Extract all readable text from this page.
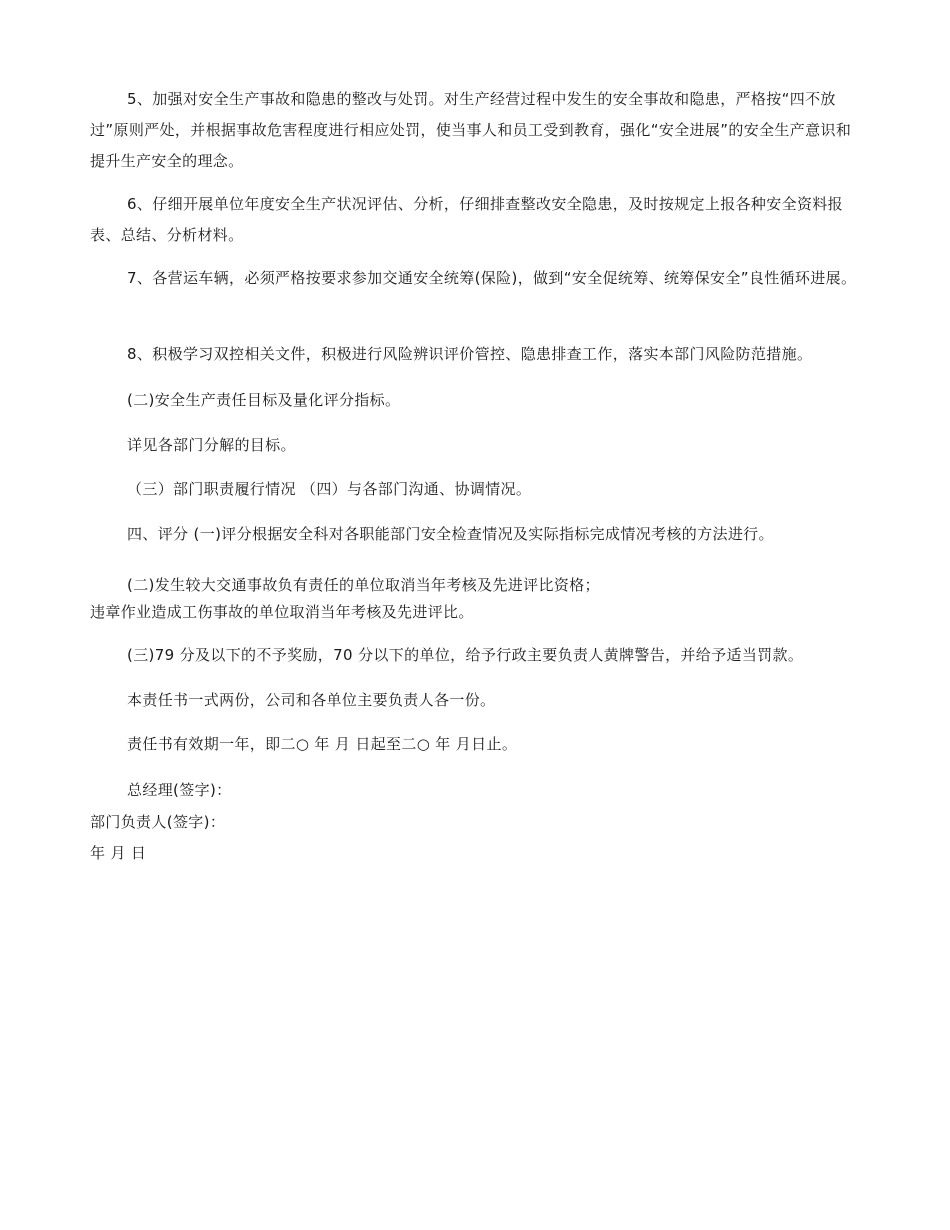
5、加强对安全生产事故和隐患的整改与处罚。对生产经营过程中发生的安全事故和隐患，严格按“四不放过”原则严处，并根据事故危害程度进行相应处罚，使当事人和员工受到教育，强化“安全进展”的安全生产意识和提升生产安全的理念。

6、仔细开展单位年度安全生产状况评估、分析，仔细排查整改安全隐患，及时按规定上报各种安全资料报表、总结、分析材料。

7、各营运车辆，必须严格按要求参加交通安全统筹(保险)，做到“安全促统筹、统筹保安全”良性循环进展。

8、积极学习双控相关文件，积极进行风险辨识评价管控、隐患排查工作，落实本部门风险防范措施。

(二)安全生产责任目标及量化评分指标。

详见各部门分解的目标。

（三）部门职责履行情况 （四）与各部门沟通、协调情况。

四、评分 (一)评分根据安全科对各职能部门安全检查情况及实际指标完成情况考核的方法进行。

(二)发生较大交通事故负有责任的单位取消当年考核及先进评比资格；

违章作业造成工伤事故的单位取消当年考核及先进评比。

(三)79 分及以下的不予奖励，70 分以下的单位，给予行政主要负责人黄牌警告，并给予适当罚款。

本责任书一式两份，公司和各单位主要负责人各一份。

责任书有效期一年，即二○ 年 月 日起至二○ 年 月日止。

总经理(签字)：

部门负责人(签字)：

年 月 日
